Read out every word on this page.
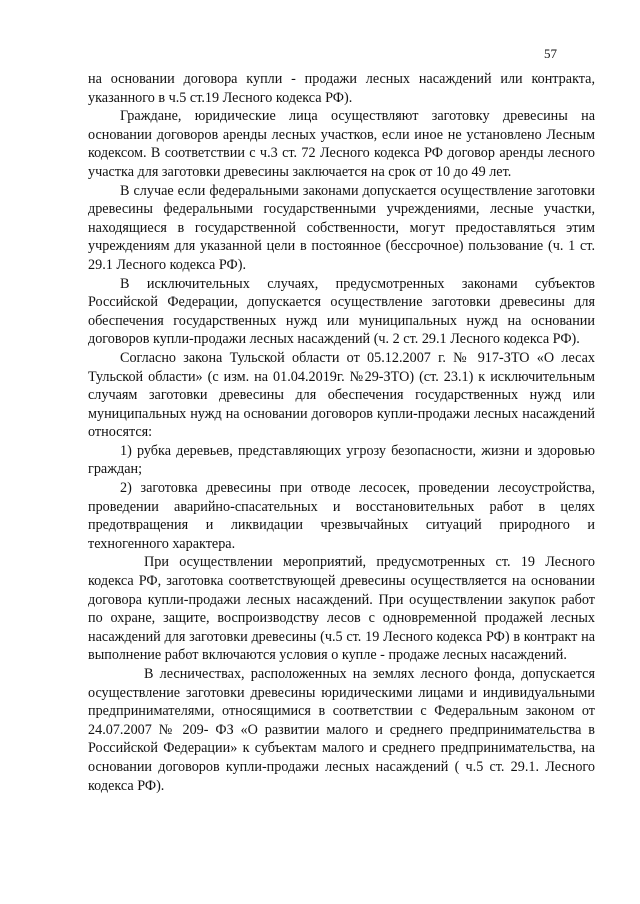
57

на основании договора купли - продажи лесных насаждений или контракта, указанного в ч.5 ст.19 Лесного кодекса РФ).

Граждане, юридические лица осуществляют заготовку древесины на основании договоров аренды лесных участков, если иное не установлено Лесным кодексом. В соответствии с ч.3 ст. 72 Лесного кодекса РФ договор аренды лесного участка для заготовки древесины заключается на срок от 10 до 49 лет.

В случае если федеральными законами допускается осуществление заготовки древесины федеральными государственными учреждениями, лесные участки, находящиеся в государственной собственности, могут предоставляться этим учреждениям для указанной цели в постоянное (бессрочное) пользование (ч. 1 ст. 29.1 Лесного кодекса РФ).

В исключительных случаях, предусмотренных законами субъектов Российской Федерации, допускается осуществление заготовки древесины для обеспечения государственных нужд или муниципальных нужд на основании договоров купли-продажи лесных насаждений (ч. 2 ст. 29.1 Лесного кодекса РФ).

Согласно закона Тульской области от 05.12.2007 г. № 917-ЗТО «О лесах Тульской области» (с изм. на 01.04.2019г. №29-ЗТО) (ст. 23.1) к исключительным случаям заготовки древесины для обеспечения государственных нужд или муниципальных нужд на основании договоров купли-продажи лесных насаждений относятся:

1) рубка деревьев, представляющих угрозу безопасности, жизни и здоровью граждан;

2) заготовка древесины при отводе лесосек, проведении лесоустройства, проведении аварийно-спасательных и восстановительных работ в целях предотвращения и ликвидации чрезвычайных ситуаций природного и техногенного характера.

При осуществлении мероприятий, предусмотренных ст. 19 Лесного кодекса РФ, заготовка соответствующей древесины осуществляется на основании договора купли-продажи лесных насаждений. При осуществлении закупок работ по охране, защите, воспроизводству лесов с одновременной продажей лесных насаждений для заготовки древесины (ч.5 ст. 19 Лесного кодекса РФ) в контракт на выполнение работ включаются условия о купле - продаже лесных насаждений.

В лесничествах, расположенных на землях лесного фонда, допускается осуществление заготовки древесины юридическими лицами и индивидуальными предпринимателями, относящимися в соответствии с Федеральным законом от 24.07.2007 № 209- ФЗ «О развитии малого и среднего предпринимательства в Российской Федерации» к субъектам малого и среднего предпринимательства, на основании договоров купли-продажи лесных насаждений ( ч.5 ст. 29.1. Лесного кодекса РФ).
